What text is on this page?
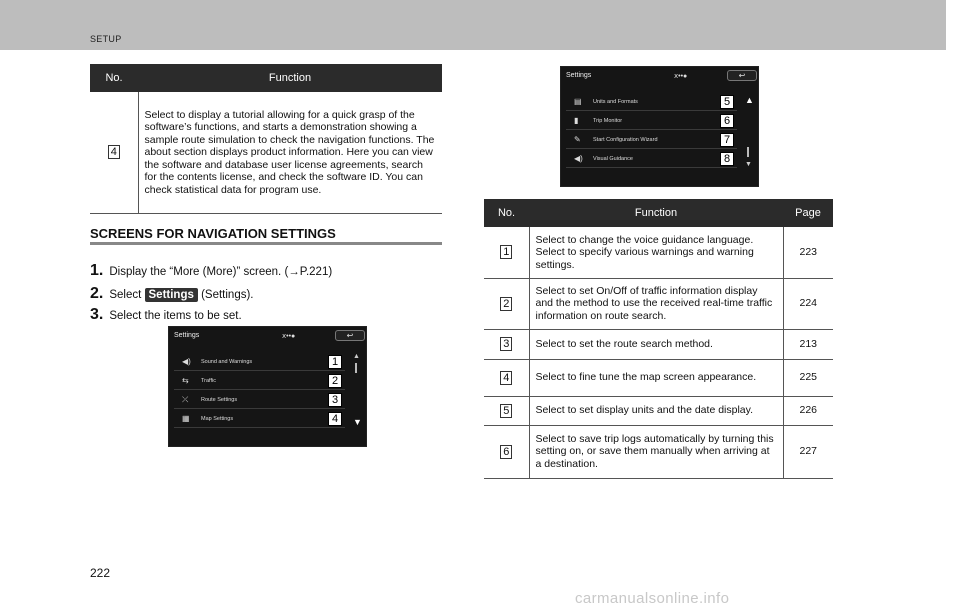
SETUP
No.	Function
4	Select to display a tutorial allowing for a quick grasp of the software’s functions, and starts a demonstration showing a sample route simulation to check the navigation functions. The about section displays product information. Here you can view the software and database user license agreements, search for the contents license, and check the software ID. You can check statistical data for program use.
SCREENS FOR NAVIGATION SETTINGS
1. Display the “More (More)” screen. (→P.221)
2. Select Settings (Settings).
3. Select the items to be set.
Settings	ⅹ••●	↩
◀) Sound and Warnings	1
⇆ Traffic	2
⤫ Route Settings	3
▦ Map Settings	4
▲
▼
Settings	ⅹ••●	↩
▤ Units and Formats	5
▮	Trip Monitor	6
✎ Start Configuration Wizard	7
◀) Visual Guidance	8
▲
▼
No.	Function	Page
1	Select to change the voice guidance language. Select to specify various warnings and warning settings.	223
2	Select to set On/Off of traffic information display and the method to use the received real-time traffic information on route search.	224
3	Select to set the route search method.	213
4	Select to fine tune the map screen appearance.	225
5	Select to set display units and the date display.	226
6	Select to save trip logs automatically by turning this setting on, or save them manually when arriving at a destination.	227
222
carmanualsonline.info
